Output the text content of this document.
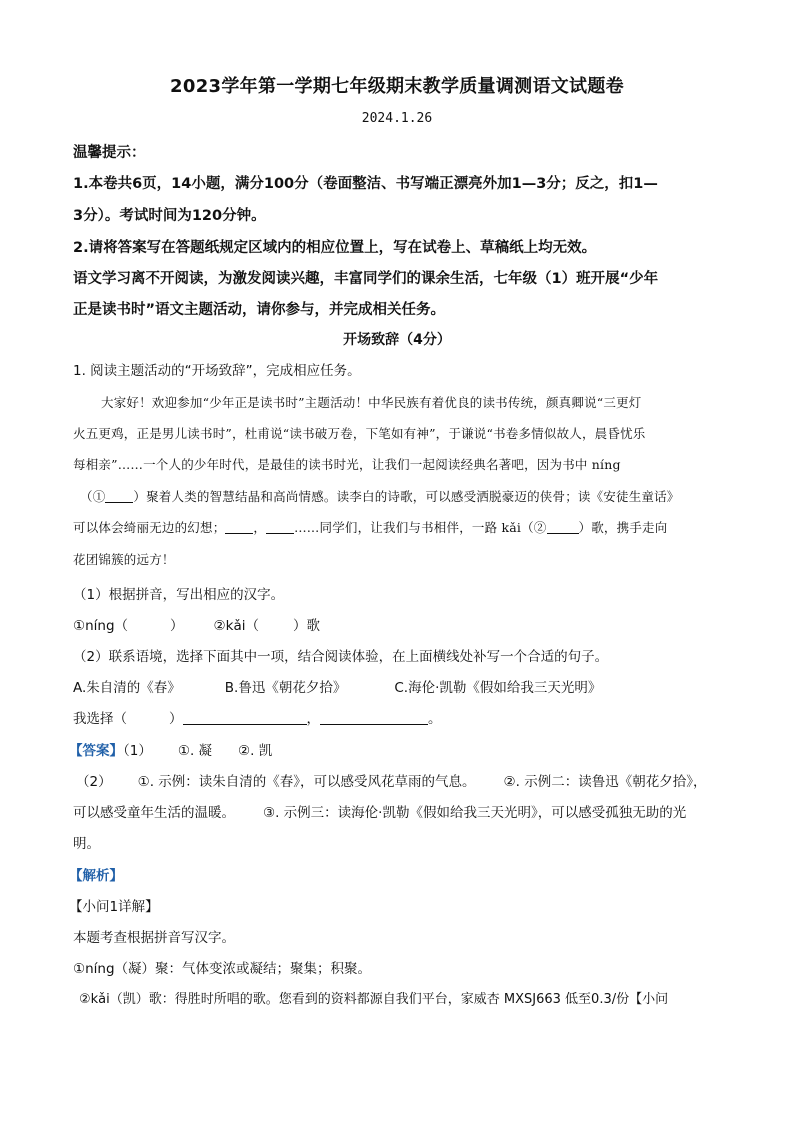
2023学年第一学期七年级期末教学质量调测语文试题卷
2024.1.26
温馨提示：
1.本卷共6页，14小题，满分100分（卷面整洁、书写端正漂亮外加1—3分；反之，扣1—
3分）。考试时间为120分钟。
2.请将答案写在答题纸规定区域内的相应位置上，写在试卷上、草稿纸上均无效。
语文学习离不开阅读，为激发阅读兴趣，丰富同学们的课余生活，七年级（1）班开展“少年
正是读书时”语文主题活动，请你参与，并完成相关任务。
开场致辞（4分）
1. 阅读主题活动的“开场致辞”，完成相应任务。
大家好！欢迎参加“少年正是读书时”主题活动！中华民族有着优良的读书传统，颜真卿说“三更灯
火五更鸡，正是男儿读书时”，杜甫说“读书破万卷，下笔如有神”，于谦说“书卷多情似故人，晨昏忧乐
每相亲”……一个人的少年时代，是最佳的读书时光，让我们一起阅读经典名著吧，因为书中 níng
（① ）聚着人类的智慧结晶和高尚情感。读李白的诗歌，可以感受洒脱豪迈的侠骨；读《安徒生童话》
可以体会绮丽无边的幻想； ， ……同学们，让我们与书相伴，一路 kǎi（②	）歌，携手走向
花团锦簇的远方！
（1）根据拼音，写出相应的汉字。
①níng（	） ②kǎi（	）歌
（2）联系语境，选择下面其中一项，结合阅读体验，在上面横线处补写一个合适的句子。
A.朱自清的《春》	B.鲁迅《朝花夕拾》	C.海伦·凯勒《假如给我三天光明》
我选择（	）	，	。
【答案】（1） ①. 凝 ②. 凯
（2） ①. 示例：读朱自清的《春》，可以感受风花草雨的气息。 ②. 示例二：读鲁迅《朝花夕拾》，
可以感受童年生活的温暖。 ③. 示例三：读海伦·凯勒《假如给我三天光明》，可以感受孤独无助的光
明。
【解析】
【小问1详解】
本题考查根据拼音写汉字。
①níng（凝）聚：气体变浓或凝结；聚集；积聚。
②kǎi（凯）歌：得胜时所唱的歌。您看到的资料都源自我们平台，家威杏 MXSJ663 低至0.3/份【小问
